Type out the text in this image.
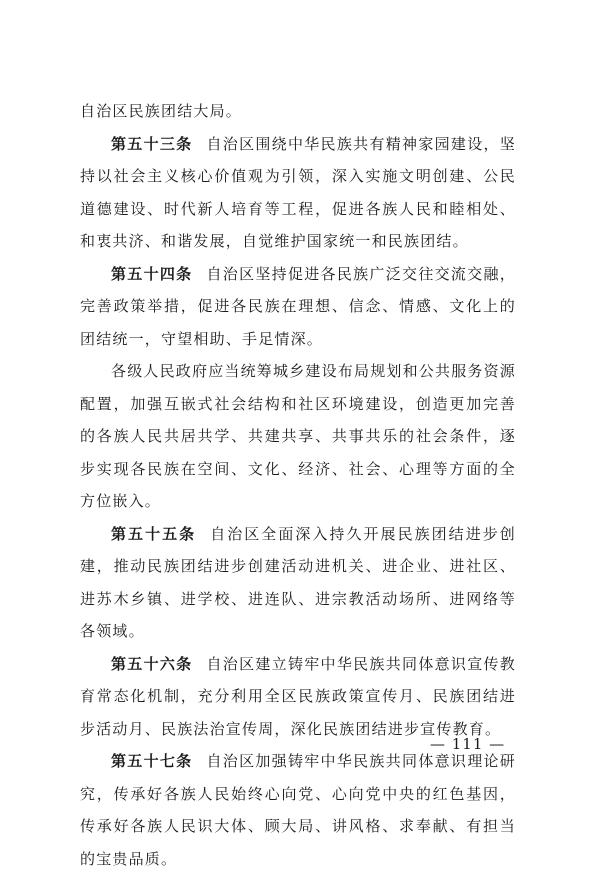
自治区民族团结大局。

第五十三条 自治区围绕中华民族共有精神家园建设，坚持以社会主义核心价值观为引领，深入实施文明创建、公民道德建设、时代新人培育等工程，促进各族人民和睦相处、和衷共济、和谐发展，自觉维护国家统一和民族团结。

第五十四条 自治区坚持促进各民族广泛交往交流交融，完善政策举措，促进各民族在理想、信念、情感、文化上的团结统一，守望相助、手足情深。

各级人民政府应当统筹城乡建设布局规划和公共服务资源配置，加强互嵌式社会结构和社区环境建设，创造更加完善的各族人民共居共学、共建共享、共事共乐的社会条件，逐步实现各民族在空间、文化、经济、社会、心理等方面的全方位嵌入。

第五十五条 自治区全面深入持久开展民族团结进步创建，推动民族团结进步创建活动进机关、进企业、进社区、进苏木乡镇、进学校、进连队、进宗教活动场所、进网络等各领域。

第五十六条 自治区建立铸牢中华民族共同体意识宣传教育常态化机制，充分利用全区民族政策宣传月、民族团结进步活动月、民族法治宣传周，深化民族团结进步宣传教育。

第五十七条 自治区加强铸牢中华民族共同体意识理论研究，传承好各族人民始终心向党、心向党中央的红色基因，传承好各族人民识大体、顾大局、讲风格、求奉献、有担当的宝贵品质。

— 111 —
